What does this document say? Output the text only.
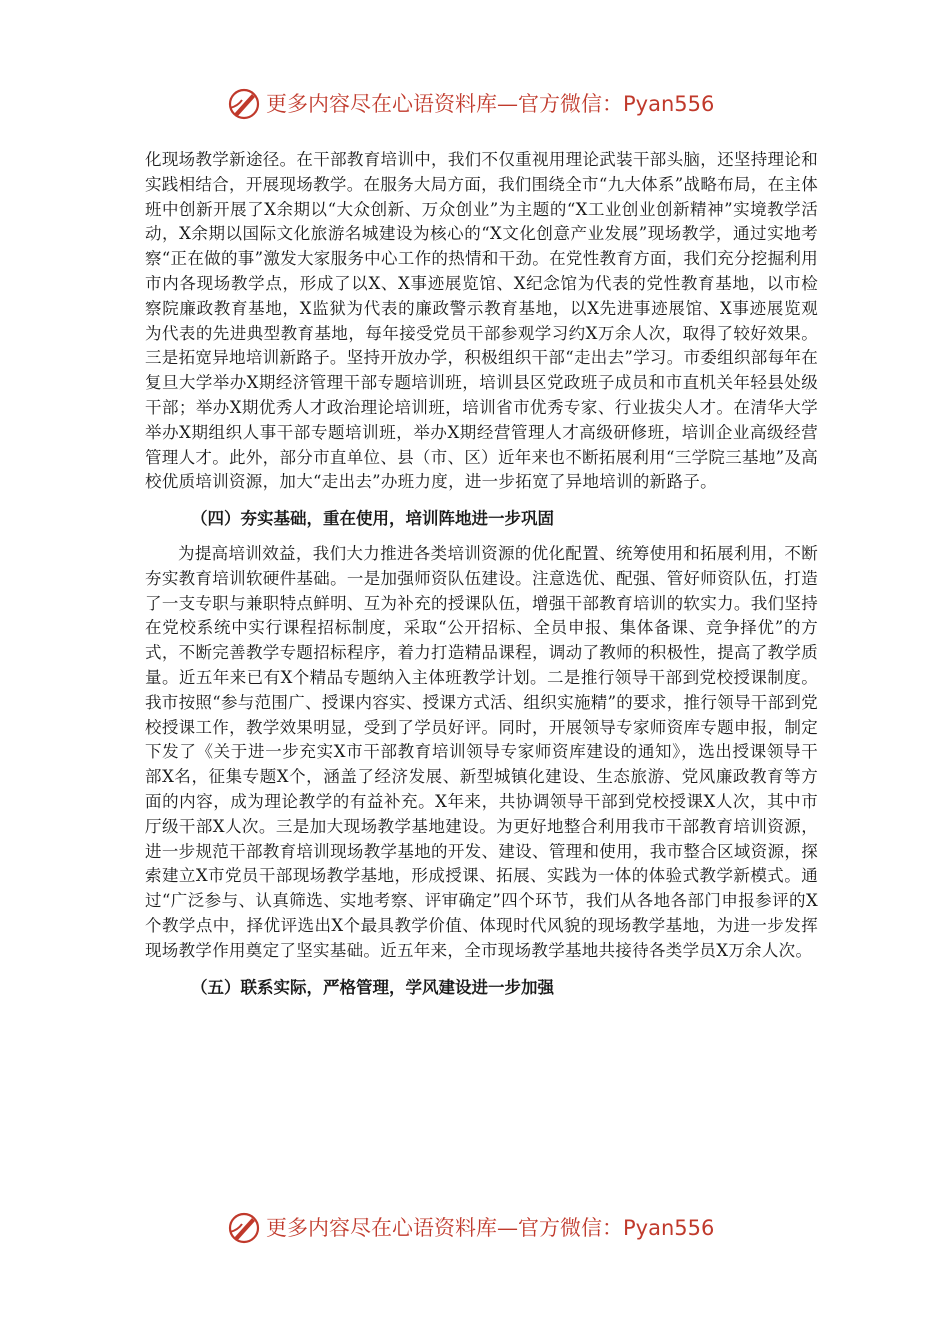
更多内容尽在心语资料库—官方微信：Pyan556

化现场教学新途径。在干部教育培训中，我们不仅重视用理论武装干部头脑，还坚持理论和实践相结合，开展现场教学。在服务大局方面，我们围绕全市“九大体系”战略布局，在主体班中创新开展了X余期以“大众创新、万众创业”为主题的“X工业创业创新精神”实境教学活动，X余期以国际文化旅游名城建设为核心的“X文化创意产业发展”现场教学，通过实地考察“正在做的事”激发大家服务中心工作的热情和干劲。在党性教育方面，我们充分挖掘利用市内各现场教学点，形成了以X、X事迹展览馆、X纪念馆为代表的党性教育基地，以市检察院廉政教育基地，X监狱为代表的廉政警示教育基地，以X先进事迹展馆、X事迹展览观为代表的先进典型教育基地，每年接受党员干部参观学习约X万余人次，取得了较好效果。三是拓宽异地培训新路子。坚持开放办学，积极组织干部“走出去”学习。市委组织部每年在复旦大学举办X期经济管理干部专题培训班，培训县区党政班子成员和市直机关年轻县处级干部；举办X期优秀人才政治理论培训班，培训省市优秀专家、行业拔尖人才。在清华大学举办X期组织人事干部专题培训班，举办X期经营管理人才高级研修班，培训企业高级经营管理人才。此外，部分市直单位、县（市、区）近年来也不断拓展利用“三学院三基地”及高校优质培训资源，加大“走出去”办班力度，进一步拓宽了异地培训的新路子。

（四）夯实基础，重在使用，培训阵地进一步巩固

为提高培训效益，我们大力推进各类培训资源的优化配置、统筹使用和拓展利用，不断夯实教育培训软硬件基础。一是加强师资队伍建设。注意选优、配强、管好师资队伍，打造了一支专职与兼职特点鲜明、互为补充的授课队伍，增强干部教育培训的软实力。我们坚持在党校系统中实行课程招标制度，采取“公开招标、全员申报、集体备课、竞争择优”的方式，不断完善教学专题招标程序，着力打造精品课程，调动了教师的积极性，提高了教学质量。近五年来已有X个精品专题纳入主体班教学计划。二是推行领导干部到党校授课制度。我市按照“参与范围广、授课内容实、授课方式活、组织实施精”的要求，推行领导干部到党校授课工作，教学效果明显，受到了学员好评。同时，开展领导专家师资库专题申报，制定下发了《关于进一步充实X市干部教育培训领导专家师资库建设的通知》，选出授课领导干部X名，征集专题X个，涵盖了经济发展、新型城镇化建设、生态旅游、党风廉政教育等方面的内容，成为理论教学的有益补充。X年来，共协调领导干部到党校授课X人次，其中市厅级干部X人次。三是加大现场教学基地建设。为更好地整合利用我市干部教育培训资源，进一步规范干部教育培训现场教学基地的开发、建设、管理和使用，我市整合区域资源，探索建立X市党员干部现场教学基地，形成授课、拓展、实践为一体的体验式教学新模式。通过“广泛参与、认真筛选、实地考察、评审确定”四个环节，我们从各地各部门申报参评的X个教学点中，择优评选出X个最具教学价值、体现时代风貌的现场教学基地，为进一步发挥现场教学作用奠定了坚实基础。近五年来，全市现场教学基地共接待各类学员X万余人次。

（五）联系实际，严格管理，学风建设进一步加强

更多内容尽在心语资料库—官方微信：Pyan556
